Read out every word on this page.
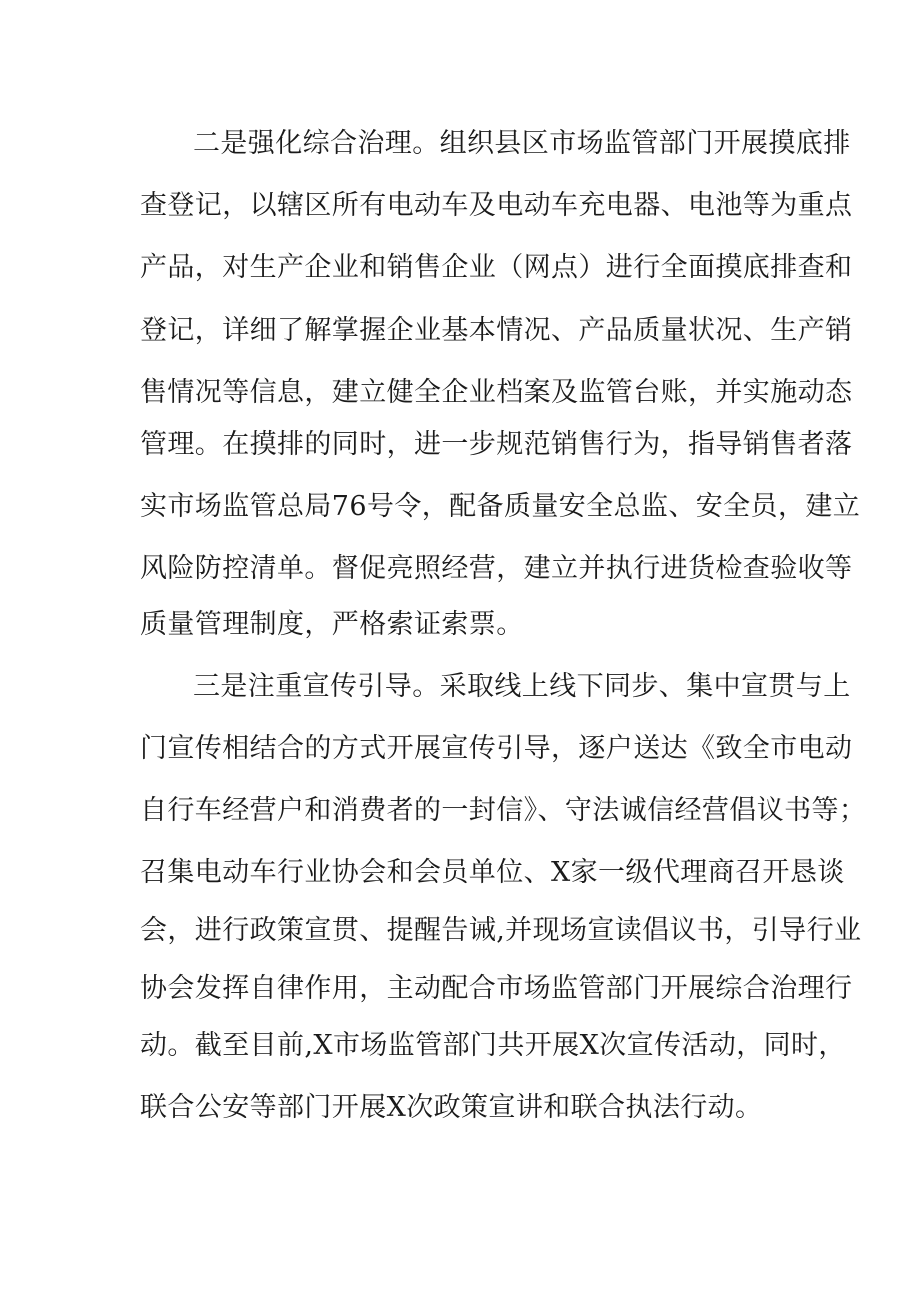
二是强化综合治理。组织县区市场监管部门开展摸底排
查登记，以辖区所有电动车及电动车充电器、电池等为重点
产品，对生产企业和销售企业（网点）进行全面摸底排查和
登记，详细了解掌握企业基本情况、产品质量状况、生产销
售情况等信息，建立健全企业档案及监管台账，并实施动态
管理。在摸排的同时，进一步规范销售行为，指导销售者落
实市场监管总局76号令，配备质量安全总监、安全员，建立
风险防控清单。督促亮照经营，建立并执行进货检查验收等
质量管理制度，严格索证索票。
三是注重宣传引导。采取线上线下同步、集中宣贯与上
门宣传相结合的方式开展宣传引导，逐户送达《致全市电动
自行车经营户和消费者的一封信》、守法诚信经营倡议书等；
召集电动车行业协会和会员单位、X家一级代理商召开恳谈
会，进行政策宣贯、提醒告诫,并现场宣读倡议书，引导行业
协会发挥自律作用，主动配合市场监管部门开展综合治理行
动。截至目前,X市场监管部门共开展X次宣传活动，同时，
联合公安等部门开展X次政策宣讲和联合执法行动。
